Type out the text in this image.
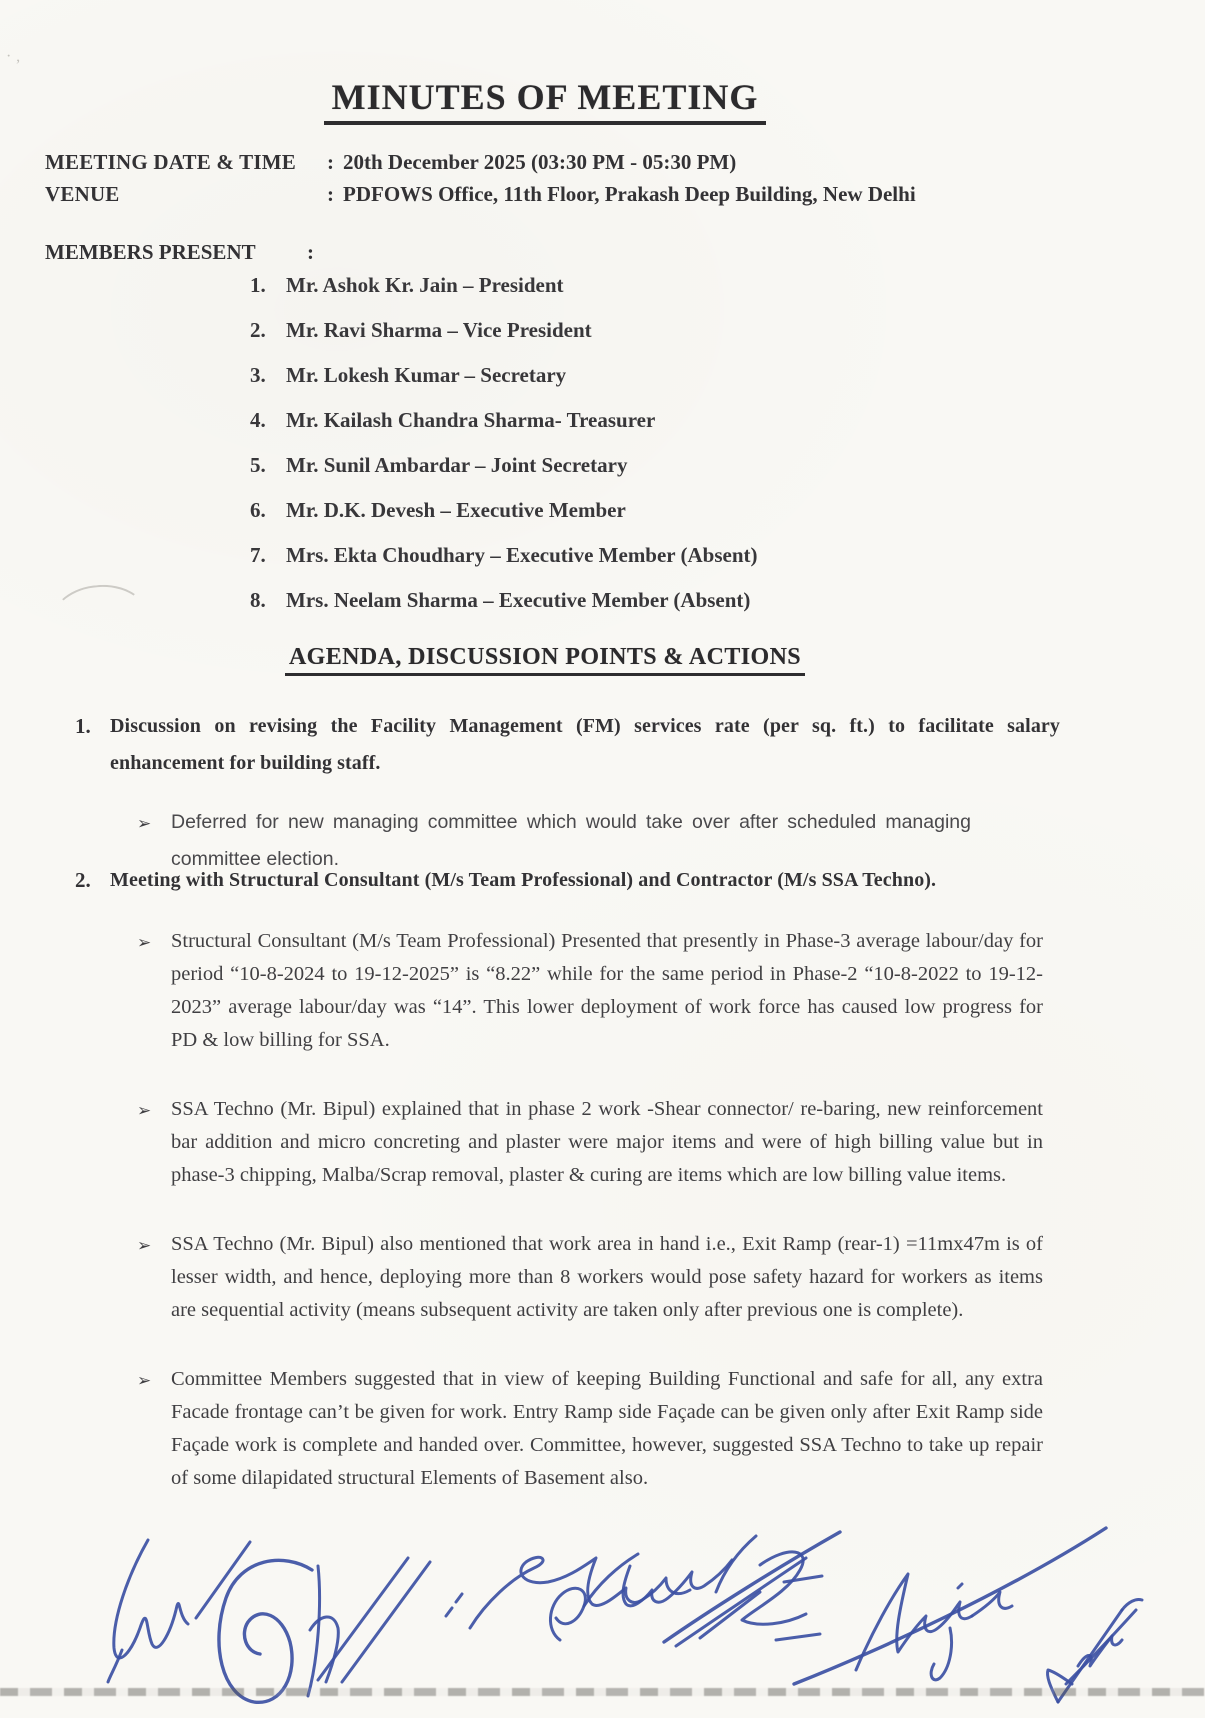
·‚
MINUTES OF MEETING
MEETING DATE & TIME	: 20th December 2025 (03:30 PM - 05:30 PM)
VENUE	: PDFOWS Office, 11th Floor, Prakash Deep Building, New Delhi
MEMBERS PRESENT	:
1. Mr. Ashok Kr. Jain – President
2. Mr. Ravi Sharma – Vice President
3. Mr. Lokesh Kumar – Secretary
4. Mr. Kailash Chandra Sharma- Treasurer
5. Mr. Sunil Ambardar – Joint Secretary
6. Mr. D.K. Devesh – Executive Member
7. Mrs. Ekta Choudhary – Executive Member (Absent)
8. Mrs. Neelam Sharma – Executive Member (Absent)
AGENDA, DISCUSSION POINTS & ACTIONS
1. Discussion on revising the Facility Management (FM) services rate (per sq. ft.) to facilitate salary enhancement for building staff.
➢	Deferred for new managing committee which would take over after scheduled managing committee election.
2. Meeting with Structural Consultant (M/s Team Professional) and Contractor (M/s SSA Techno).
➢ Structural Consultant (M/s Team Professional) Presented that presently in Phase-3 average labour/day for period “10-8-2024 to 19-12-2025” is “8.22” while for the same period in Phase-2 “10-8-2022 to 19-12-2023” average labour/day was “14”. This lower deployment of work force has caused low progress for PD & low billing for SSA.
➢ SSA Techno (Mr. Bipul) explained that in phase 2 work -Shear connector/ re-baring, new reinforcement bar addition and micro concreting and plaster were major items and were of high billing value but in phase-3 chipping, Malba/Scrap removal, plaster & curing are items which are low billing value items.
➢ SSA Techno (Mr. Bipul) also mentioned that work area in hand i.e., Exit Ramp (rear-1) =11mx47m is of lesser width, and hence, deploying more than 8 workers would pose safety hazard for workers as items are sequential activity (means subsequent activity are taken only after previous one is complete).
➢ Committee Members suggested that in view of keeping Building Functional and safe for all, any extra Facade frontage can’t be given for work. Entry Ramp side Façade can be given only after Exit Ramp side Façade work is complete and handed over. Committee, however, suggested SSA Techno to take up repair of some dilapidated structural Elements of Basement also.
